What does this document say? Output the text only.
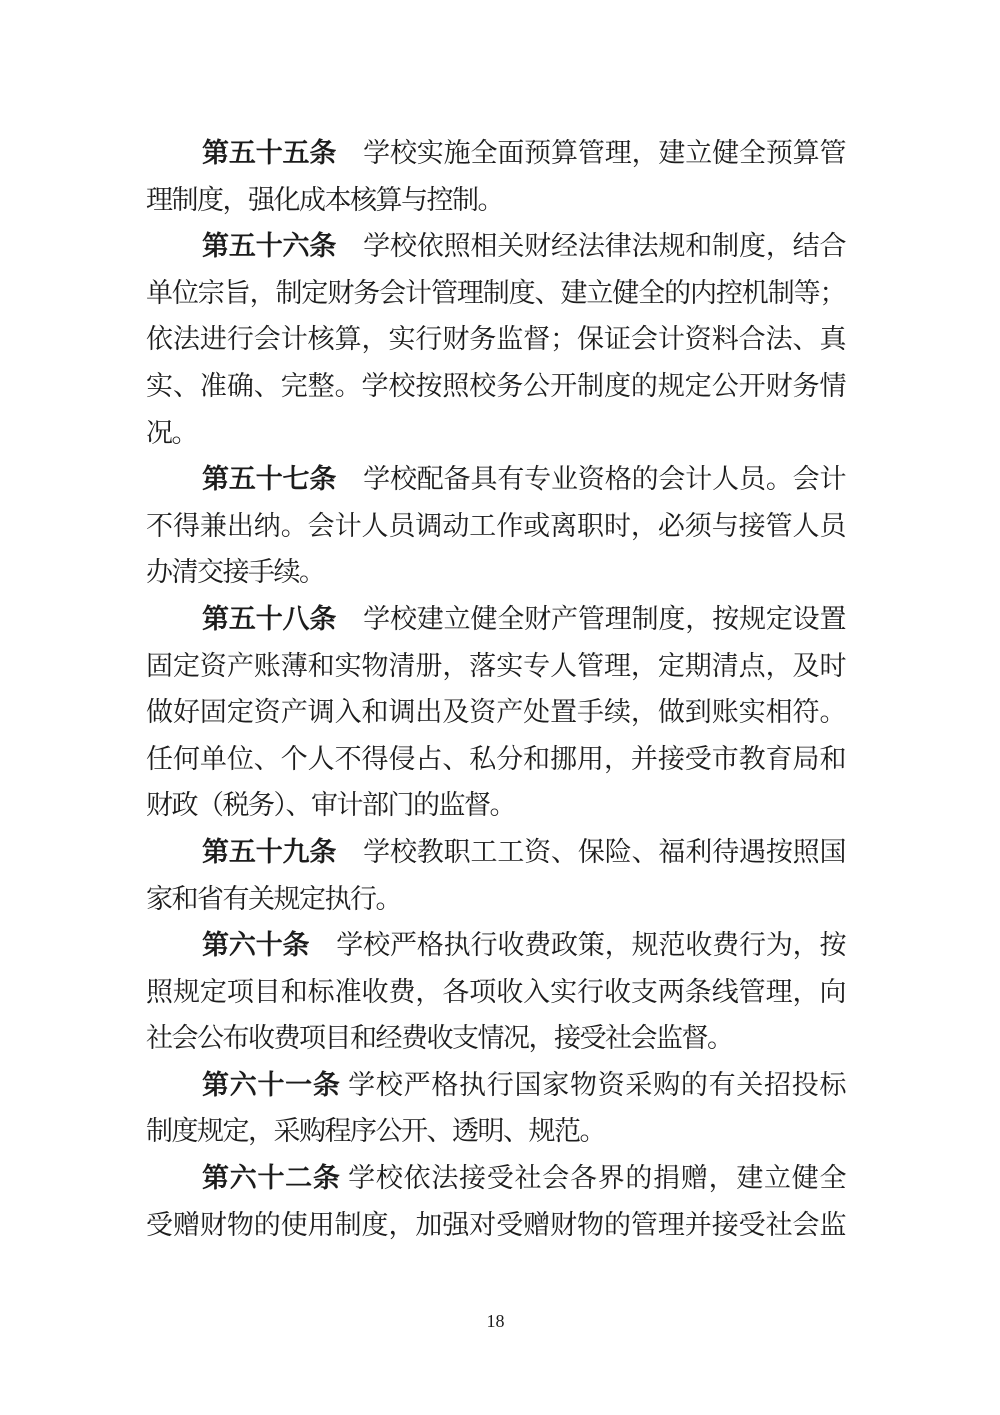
第五十五条　学校实施全面预算管理，建立健全预算管
理制度，强化成本核算与控制。
第五十六条　学校依照相关财经法律法规和制度，结合
单位宗旨，制定财务会计管理制度、建立健全的内控机制等；
依法进行会计核算，实行财务监督；保证会计资料合法、真
实、准确、完整。学校按照校务公开制度的规定公开财务情
况。
第五十七条　学校配备具有专业资格的会计人员。会计
不得兼出纳。会计人员调动工作或离职时，必须与接管人员
办清交接手续。
第五十八条　学校建立健全财产管理制度，按规定设置
固定资产账薄和实物清册，落实专人管理，定期清点，及时
做好固定资产调入和调出及资产处置手续，做到账实相符。
任何单位、个人不得侵占、私分和挪用，并接受市教育局和
财政（税务）、审计部门的监督。
第五十九条　学校教职工工资、保险、福利待遇按照国
家和省有关规定执行。
第六十条　学校严格执行收费政策，规范收费行为，按
照规定项目和标准收费，各项收入实行收支两条线管理，向
社会公布收费项目和经费收支情况，接受社会监督。
第六十一条 学校严格执行国家物资采购的有关招投标
制度规定，采购程序公开、透明、规范。
第六十二条 学校依法接受社会各界的捐赠，建立健全
受赠财物的使用制度，加强对受赠财物的管理并接受社会监
18
